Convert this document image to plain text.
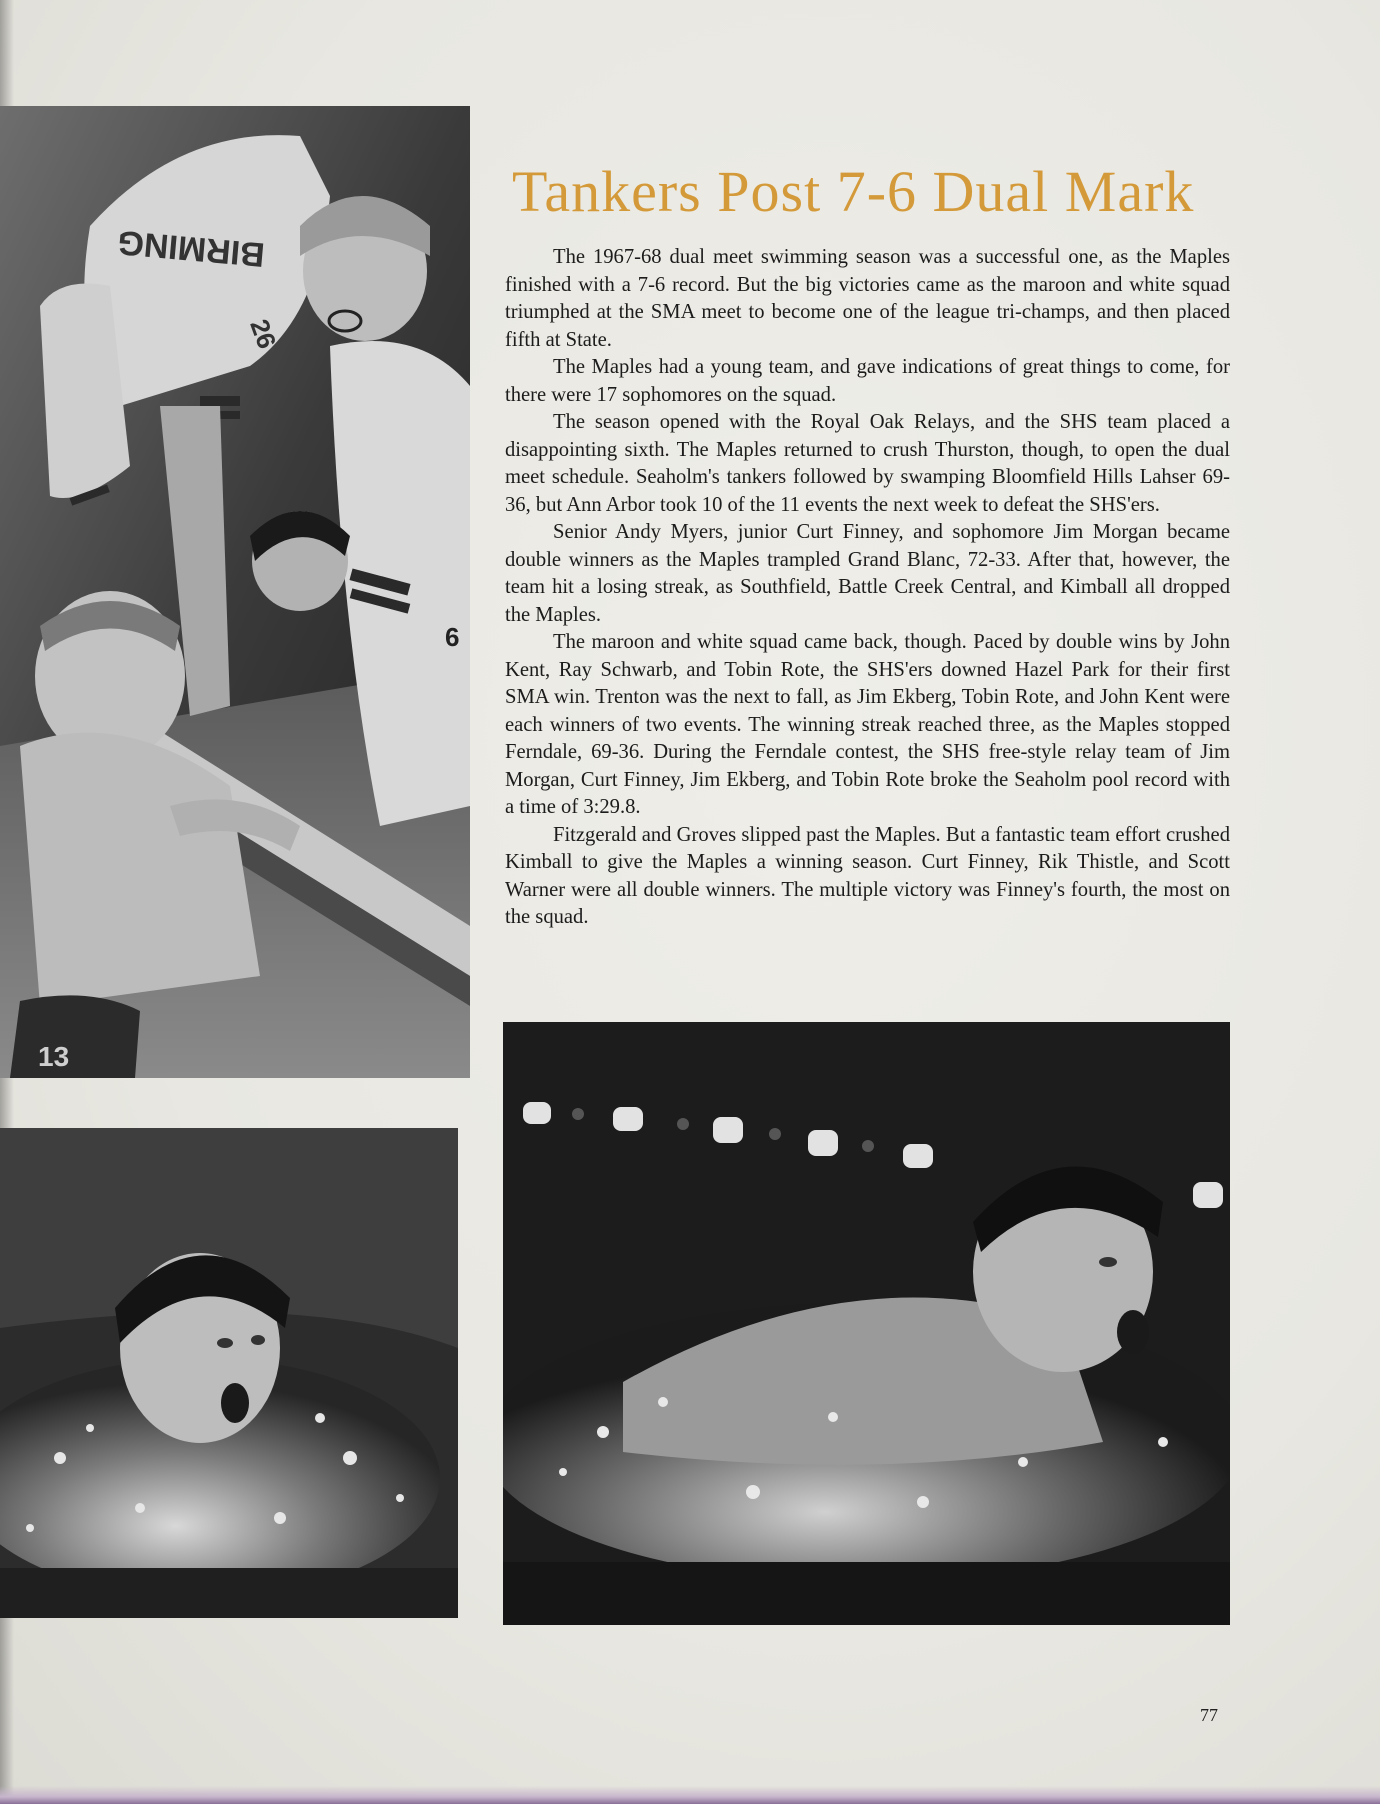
BIRMING
26
6
13
Tankers Post 7-6 Dual Mark

The 1967-68 dual meet swimming season was a successful one, as the Maples finished with a 7-6 record. But the big victories came as the maroon and white squad triumphed at the SMA meet to become one of the league tri-champs, and then placed fifth at State.

The Maples had a young team, and gave indications of great things to come, for there were 17 sophomores on the squad.

The season opened with the Royal Oak Relays, and the SHS team placed a disappointing sixth. The Maples returned to crush Thurston, though, to open the dual meet schedule. Seaholm's tankers followed by swamping Bloomfield Hills Lahser 69-36, but Ann Arbor took 10 of the 11 events the next week to defeat the SHS'ers.

Senior Andy Myers, junior Curt Finney, and sophomore Jim Morgan became double winners as the Maples trampled Grand Blanc, 72-33. After that, however, the team hit a losing streak, as Southfield, Battle Creek Central, and Kimball all dropped the Maples.

The maroon and white squad came back, though. Paced by double wins by John Kent, Ray Schwarb, and Tobin Rote, the SHS'ers downed Hazel Park for their first SMA win. Trenton was the next to fall, as Jim Ekberg, Tobin Rote, and John Kent were each winners of two events. The winning streak reached three, as the Maples stopped Ferndale, 69-36. During the Ferndale contest, the SHS free-style relay team of Jim Morgan, Curt Finney, Jim Ekberg, and Tobin Rote broke the Seaholm pool record with a time of 3:29.8.

Fitzgerald and Groves slipped past the Maples. But a fantastic team effort crushed Kimball to give the Maples a winning season. Curt Finney, Rik Thistle, and Scott Warner were all double winners. The multiple victory was Finney's fourth, the most on the squad.

77
